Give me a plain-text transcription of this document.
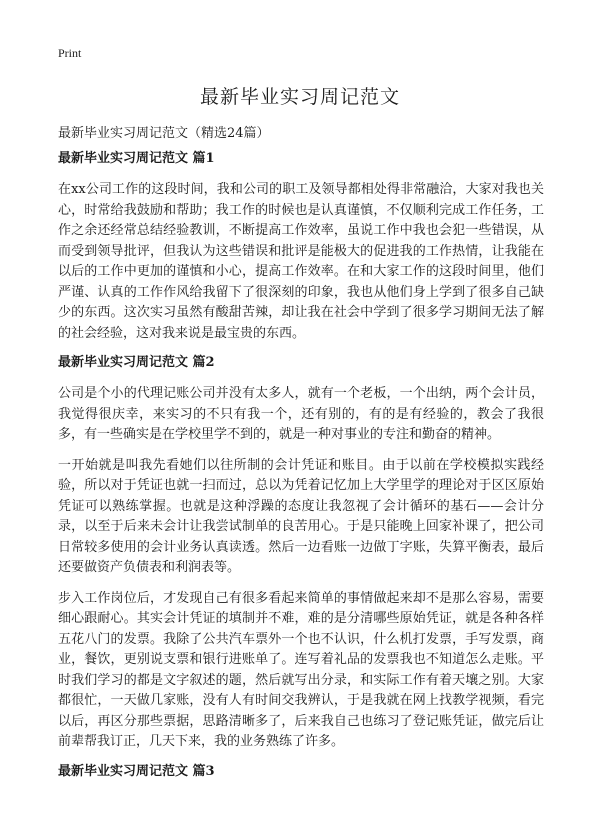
Print
最新毕业实习周记范文

最新毕业实习周记范文（精选24篇）

最新毕业实习周记范文 篇1

在xx公司工作的这段时间，我和公司的职工及领导都相处得非常融洽，大家对我也关心，时常给我鼓励和帮助；我工作的时候也是认真谨慎，不仅顺利完成工作任务，工作之余还经常总结经验教训，不断提高工作效率，虽说工作中我也会犯一些错误，从而受到领导批评，但我认为这些错误和批评是能极大的促进我的工作热情，让我能在以后的工作中更加的谨慎和小心，提高工作效率。在和大家工作的这段时间里，他们严谨、认真的工作作风给我留下了很深刻的印象，我也从他们身上学到了很多自己缺少的东西。这次实习虽然有酸甜苦辣，却让我在社会中学到了很多学习期间无法了解的社会经验，这对我来说是最宝贵的东西。

最新毕业实习周记范文 篇2

公司是个小的代理记账公司并没有太多人，就有一个老板，一个出纳，两个会计员，我觉得很庆幸，来实习的不只有我一个，还有别的，有的是有经验的，教会了我很多，有一些确实是在学校里学不到的，就是一种对事业的专注和勤奋的精神。

一开始就是叫我先看她们以往所制的会计凭证和账目。由于以前在学校模拟实践经验，所以对于凭证也就一扫而过，总以为凭着记忆加上大学里学的理论对于区区原始凭证可以熟练掌握。也就是这种浮躁的态度让我忽视了会计循环的基石——会计分录，以至于后来未会计让我尝试制单的良苦用心。于是只能晚上回家补课了，把公司日常较多使用的会计业务认真读透。然后一边看账一边做丁字账，失算平衡表，最后还要做资产负债表和利润表等。

步入工作岗位后，才发现自己有很多看起来简单的事情做起来却不是那么容易，需要细心跟耐心。其实会计凭证的填制并不难，难的是分清哪些原始凭证，就是各种各样五花八门的发票。我除了公共汽车票外一个也不认识，什么机打发票，手写发票，商业，餐饮，更别说支票和银行进账单了。连写着礼品的发票我也不知道怎么走账。平时我们学习的都是文字叙述的题，然后就写出分录，和实际工作有着天壤之别。大家都很忙，一天做几家账，没有人有时间交我辨认，于是我就在网上找教学视频，看完以后，再区分那些票据，思路清晰多了，后来我自己也练习了登记账凭证，做完后让前辈帮我订正，几天下来，我的业务熟练了许多。

最新毕业实习周记范文 篇3
